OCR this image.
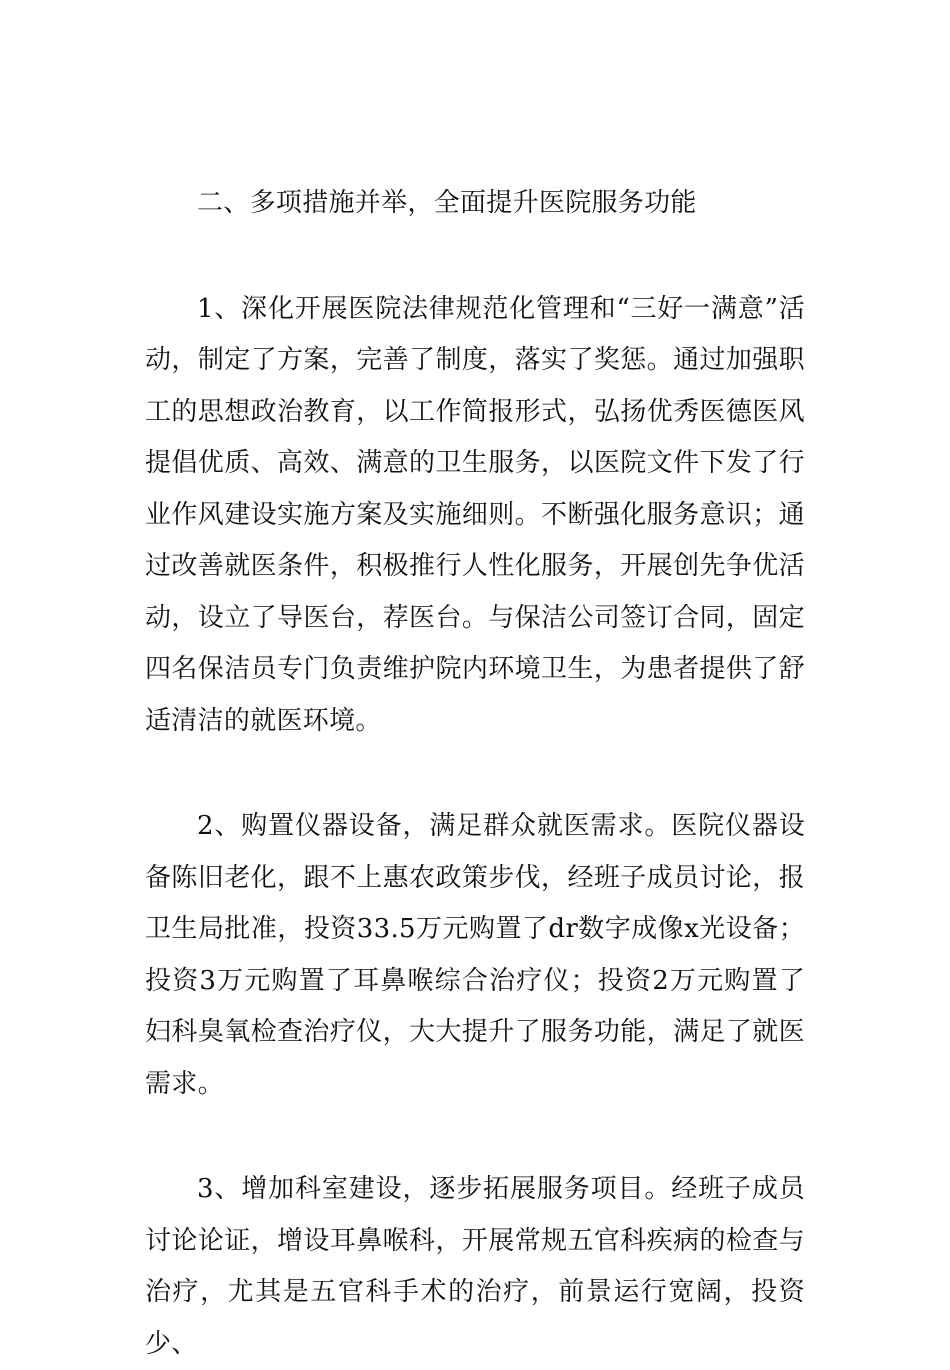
二、多项措施并举，全面提升医院服务功能

1、深化开展医院法律规范化管理和“三好一满意”活动，制定了方案，完善了制度，落实了奖惩。通过加强职工的思想政治教育，以工作简报形式，弘扬优秀医德医风提倡优质、高效、满意的卫生服务，以医院文件下发了行业作风建设实施方案及实施细则。不断强化服务意识；通过改善就医条件，积极推行人性化服务，开展创先争优活动，设立了导医台，荐医台。与保洁公司签订合同，固定四名保洁员专门负责维护院内环境卫生，为患者提供了舒适清洁的就医环境。

2、购置仪器设备，满足群众就医需求。医院仪器设备陈旧老化，跟不上惠农政策步伐，经班子成员讨论，报卫生局批准，投资33.5万元购置了dr数字成像x光设备；投资3万元购置了耳鼻喉综合治疗仪；投资2万元购置了妇科臭氧检查治疗仪，大大提升了服务功能，满足了就医需求。

3、增加科室建设，逐步拓展服务项目。经班子成员讨论论证，增设耳鼻喉科，开展常规五官科疾病的检查与治疗，尤其是五官科手术的治疗，前景运行宽阔，投资少、
